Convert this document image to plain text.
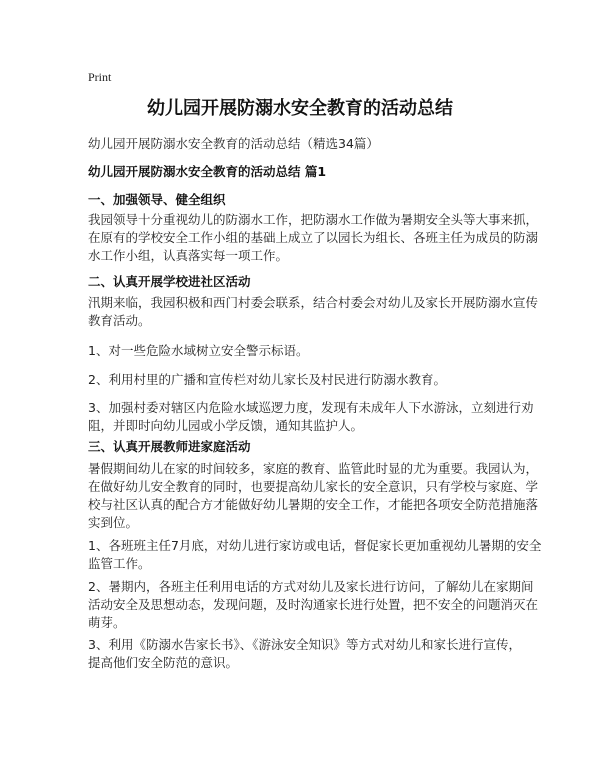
Print
幼儿园开展防溺水安全教育的活动总结
幼儿园开展防溺水安全教育的活动总结（精选34篇）
幼儿园开展防溺水安全教育的活动总结 篇1
一、加强领导、健全组织
我园领导十分重视幼儿的防溺水工作，把防溺水工作做为暑期安全头等大事来抓，
在原有的学校安全工作小组的基础上成立了以园长为组长、各班主任为成员的防溺
水工作小组，认真落实每一项工作。
二、认真开展学校进社区活动
汛期来临，我园积极和西门村委会联系，结合村委会对幼儿及家长开展防溺水宣传
教育活动。
1、对一些危险水域树立安全警示标语。
2、利用村里的广播和宣传栏对幼儿家长及村民进行防溺水教育。
3、加强村委对辖区内危险水域巡逻力度，发现有未成年人下水游泳，立刻进行劝
阻，并即时向幼儿园或小学反馈，通知其监护人。
三、认真开展教师进家庭活动
暑假期间幼儿在家的时间较多，家庭的教育、监管此时显的尤为重要。我园认为，
在做好幼儿安全教育的同时，也要提高幼儿家长的安全意识，只有学校与家庭、学
校与社区认真的配合方才能做好幼儿暑期的安全工作，才能把各项安全防范措施落
实到位。
1、各班班主任7月底，对幼儿进行家访或电话，督促家长更加重视幼儿暑期的安全
监管工作。
2、暑期内，各班主任利用电话的方式对幼儿及家长进行访问，了解幼儿在家期间
活动安全及思想动态，发现问题，及时沟通家长进行处置，把不安全的问题消灭在
萌芽。
3、利用《防溺水告家长书》、《游泳安全知识》等方式对幼儿和家长进行宣传，
提高他们安全防范的意识。
